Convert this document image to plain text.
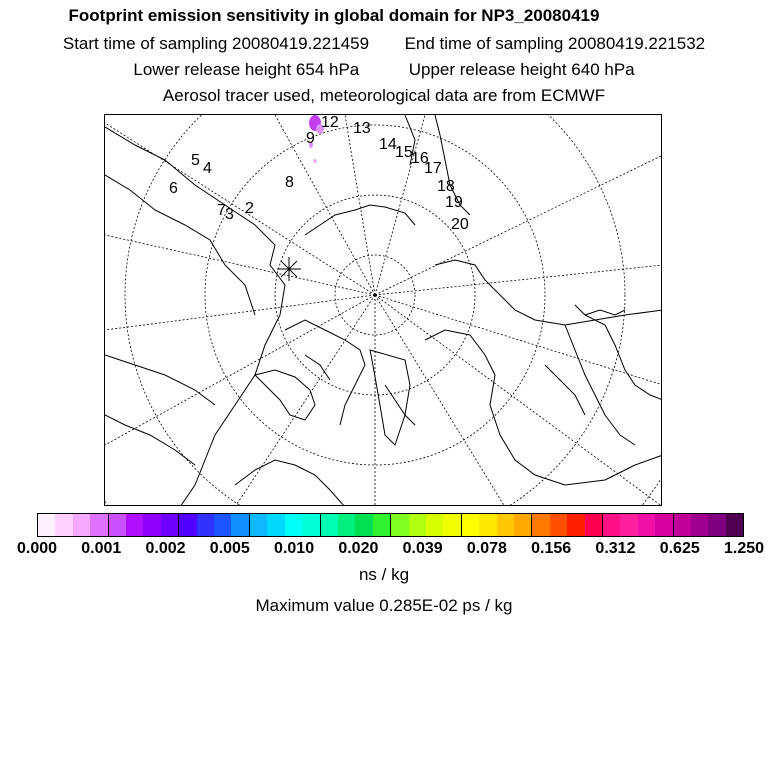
Footprint emission sensitivity in global domain for NP3_20080419
Start time of sampling 20080419.221459 End time of sampling 20080419.221532
Lower release height 654 hPa	Upper release height 640 hPa
Aerosol tracer used, meteorological data are from ECMWF
12 13
9	14
15
16
17
18
19
20
5 4
6	8
7 3 2
0.000 0.001 0.002 0.005 0.010 0.020 0.039 0.078 0.156 0.312 0.625 1.250
ns / kg
Maximum value 0.285E-02 ps / kg
